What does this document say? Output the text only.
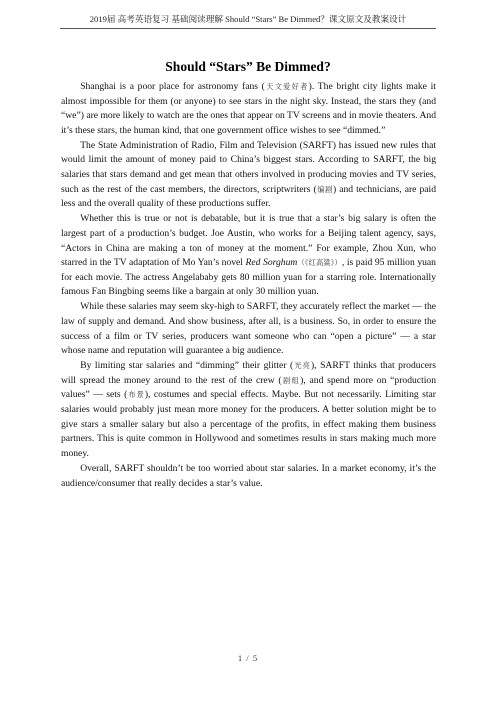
2019届 高考英语复习 基础阅读理解 Should “Stars” Be Dimmed？课文原文及教案设计
Should “Stars” Be Dimmed?

Shanghai is a poor place for astronomy fans (天文爱好者). The bright city lights make it almost impossible for them (or anyone) to see stars in the night sky. Instead, the stars they (and “we”) are more likely to watch are the ones that appear on TV screens and in movie theaters. And it’s these stars, the human kind, that one government office wishes to see “dimmed.”

The State Administration of Radio, Film and Television (SARFT) has issued new rules that would limit the amount of money paid to China’s biggest stars. According to SARFT, the big salaries that stars demand and get mean that others involved in producing movies and TV series, such as the rest of the cast members, the directors, scriptwriters (编剧) and technicians, are paid less and the overall quality of these productions suffer.

Whether this is true or not is debatable, but it is true that a star’s big salary is often the largest part of a production’s budget. Joe Austin, who works for a Beijing talent agency, says, “Actors in China are making a ton of money at the moment.” For example, Zhou Xun, who starred in the TV adaptation of Mo Yan’s novel Red Sorghum（《红高粱》）, is paid 95 million yuan for each movie. The actress Angelababy gets 80 million yuan for a starring role. Internationally famous Fan Bingbing seems like a bargain at only 30 million yuan.

While these salaries may seem sky-high to SARFT, they accurately reflect the market — the law of supply and demand. And show business, after all, is a business. So, in order to ensure the success of a film or TV series, producers want someone who can “open a picture” — a star whose name and reputation will guarantee a big audience.

By limiting star salaries and “dimming” their glitter (光亮), SARFT thinks that producers will spread the money around to the rest of the crew (剧组), and spend more on “production values” — sets (布景), costumes and special effects. Maybe. But not necessarily. Limiting star salaries would probably just mean more money for the producers. A better solution might be to give stars a smaller salary but also a percentage of the profits, in effect making them business partners. This is quite common in Hollywood and sometimes results in stars making much more money.

Overall, SARFT shouldn’t be too worried about star salaries. In a market economy, it’s the audience/consumer that really decides a star’s value.

1 / 5
